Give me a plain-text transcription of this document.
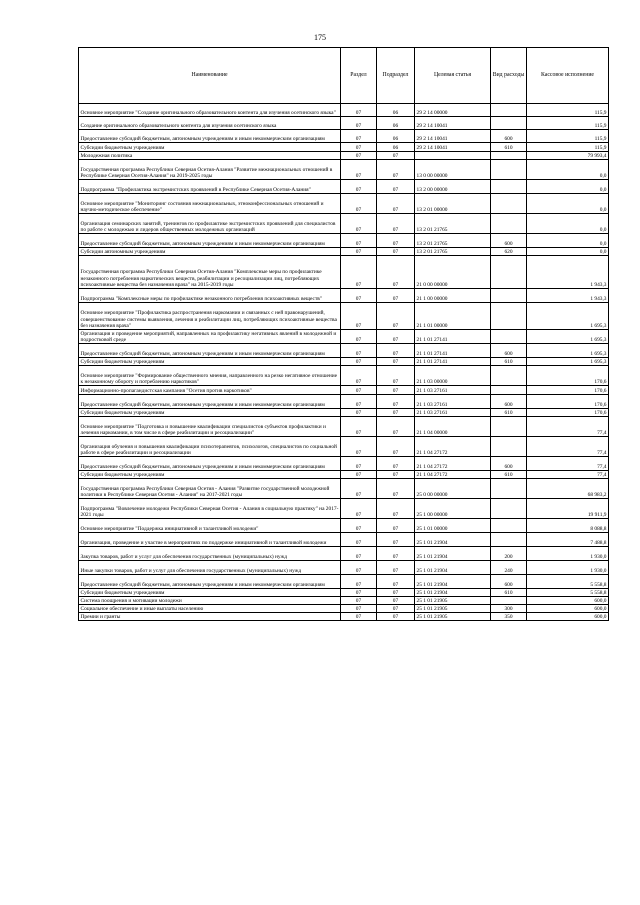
175
Наименование	Раздел	Подраздел	Целевая статья	Вид расходы	Кассовое исполнение
Основное мероприятие "Создание оригинального образовательного контента для изучения осетинского языка"	07	06	29 2 14 00000		115,9
Создание оригинального образовательного контента для изучения осетинского языка	07	06	29 2 14 10041		115,9
Предоставление субсидий бюджетным, автономным учреждениям и иным некоммерческим организациям	07	06	29 2 14 10041	600	115,9
Субсидии бюджетным учреждениям	07	06	29 2 14 10041	610	115,9
Молодежная политика	07	07			79 993,4
Государственная программа Республики Северная Осетия-Алания "Развитие межнациональных отношений в Республике Северная Осетия-Алания" на 2019-2025 годы	07	07	13 0 00 00000		0,0
Подпрограмма "Профилактика экстремистских проявлений в Республике Северная Осетия-Алания"	07	07	13 2 00 00000		0,0
Основное мероприятие "Мониторинг состояния межнациональных, этноконфессиональных отношений и научно-методическое обеспечение"	07	07	13 2 01 00000		0,0
Организация семинарских занятий, тренингов по профилактике экстремистских проявлений для специалистов по работе с молодежью и лидеров общественных молодежных организаций	07	07	13 2 01 21765		0,0
Предоставление субсидий бюджетным, автономным учреждениям и иным некоммерческим организациям	07	07	13 2 01 21765	600	0,0
Субсидии автономным учреждениям	07	07	13 2 01 21765	620	0,0
Государственная программа Республики Северная Осетия-Алания "Комплексные меры по профилактике незаконного потребления наркотических веществ, реабилитации и ресоциализации лиц, потребляющих психоактивные вещества без назначения врача" на 2015-2019 годы	07	07	21 0 00 00000		1 943,3
Подпрограмма "Комплексные меры по профилактике незаконного потребления психоактивных веществ"	07	07	21 1 00 00000		1 943,3
Основное мероприятие "Профилактика распространения наркомании и связанных с ней правонарушений, совершенствование системы выявления, лечения и реабилитации лиц, потребляющих психоактивные вещества без назначения врача"	07	07	21 1 01 00000		1 695,3
Организация и проведение мероприятий, направленных на профилактику негативных явлений в молодежной и подростковой среде	07	07	21 1 01 27141		1 695,3
Предоставление субсидий бюджетным, автономным учреждениям и иным некоммерческим организациям	07	07	21 1 01 27141	600	1 695,3
Субсидии бюджетным учреждениям	07	07	21 1 01 27141	610	1 695,3
Основное мероприятие "Формирование общественного мнения, направленного на резко негативное отношение к незаконному обороту и потреблению наркотиков"	07	07	21 1 03 00000		170,6
Информационно-пропагандистская кампания "Осетия против наркотиков"	07	07	21 1 03 27161		170,6
Предоставление субсидий бюджетным, автономным учреждениям и иным некоммерческим организациям	07	07	21 1 03 27161	600	170,6
Субсидии бюджетным учреждениям	07	07	21 1 03 27161	610	170,6
Основное мероприятие "Подготовка и повышение квалификации специалистов субъектов профилактики и лечения наркомании, в том числе в сфере реабилитации и ресоциализации"	07	07	21 1 04 00000		77,4
Организация обучения и повышения квалификации психотерапевтов, психологов, специалистов по социальной работе в сфере реабилитации и ресоциализации	07	07	21 1 04 27172		77,4
Предоставление субсидий бюджетным, автономным учреждениям и иным некоммерческим организациям	07	07	21 1 04 27172	600	77,4
Субсидии бюджетным учреждениям	07	07	21 1 04 27172	610	77,4
Государственная программа Республики Северная Осетия - Алания "Развитие государственной молодежной политики в Республике Северная Осетия - Алания" на 2017-2021 годы	07	07	25 0 00 00000		68 983,2
Подпрограмма "Вовлечение молодежи Республики Северная Осетия - Алания в социальную практику" на 2017-2021 годы	07	07	25 1 00 00000		19 911,9
Основное мероприятие "Поддержка инициативной и талантливой молодежи"	07	07	25 1 01 00000		8 088,8
Организация, проведение и участие в мероприятиях по поддержке инициативной и талантливой молодежи	07	07	25 1 01 21904		7 488,8
Закупка товаров, работ и услуг для обеспечения государственных (муниципальных) нужд	07	07	25 1 01 21904	200	1 930,0
Иные закупки товаров, работ и услуг для обеспечения государственных (муниципальных) нужд	07	07	25 1 01 21904	240	1 930,0
Предоставление субсидий бюджетным, автономным учреждениям и иным некоммерческим организациям	07	07	25 1 01 21904	600	5 558,8
Субсидии бюджетным учреждениям	07	07	25 1 01 21904	610	5 558,8
Система поощрения и мотивации молодежи	07	07	25 1 01 21905		600,0
Социальное обеспечение и иные выплаты населению	07	07	25 1 01 21905	300	600,0
Премии и гранты	07	07	25 1 01 21905	350	600,0
